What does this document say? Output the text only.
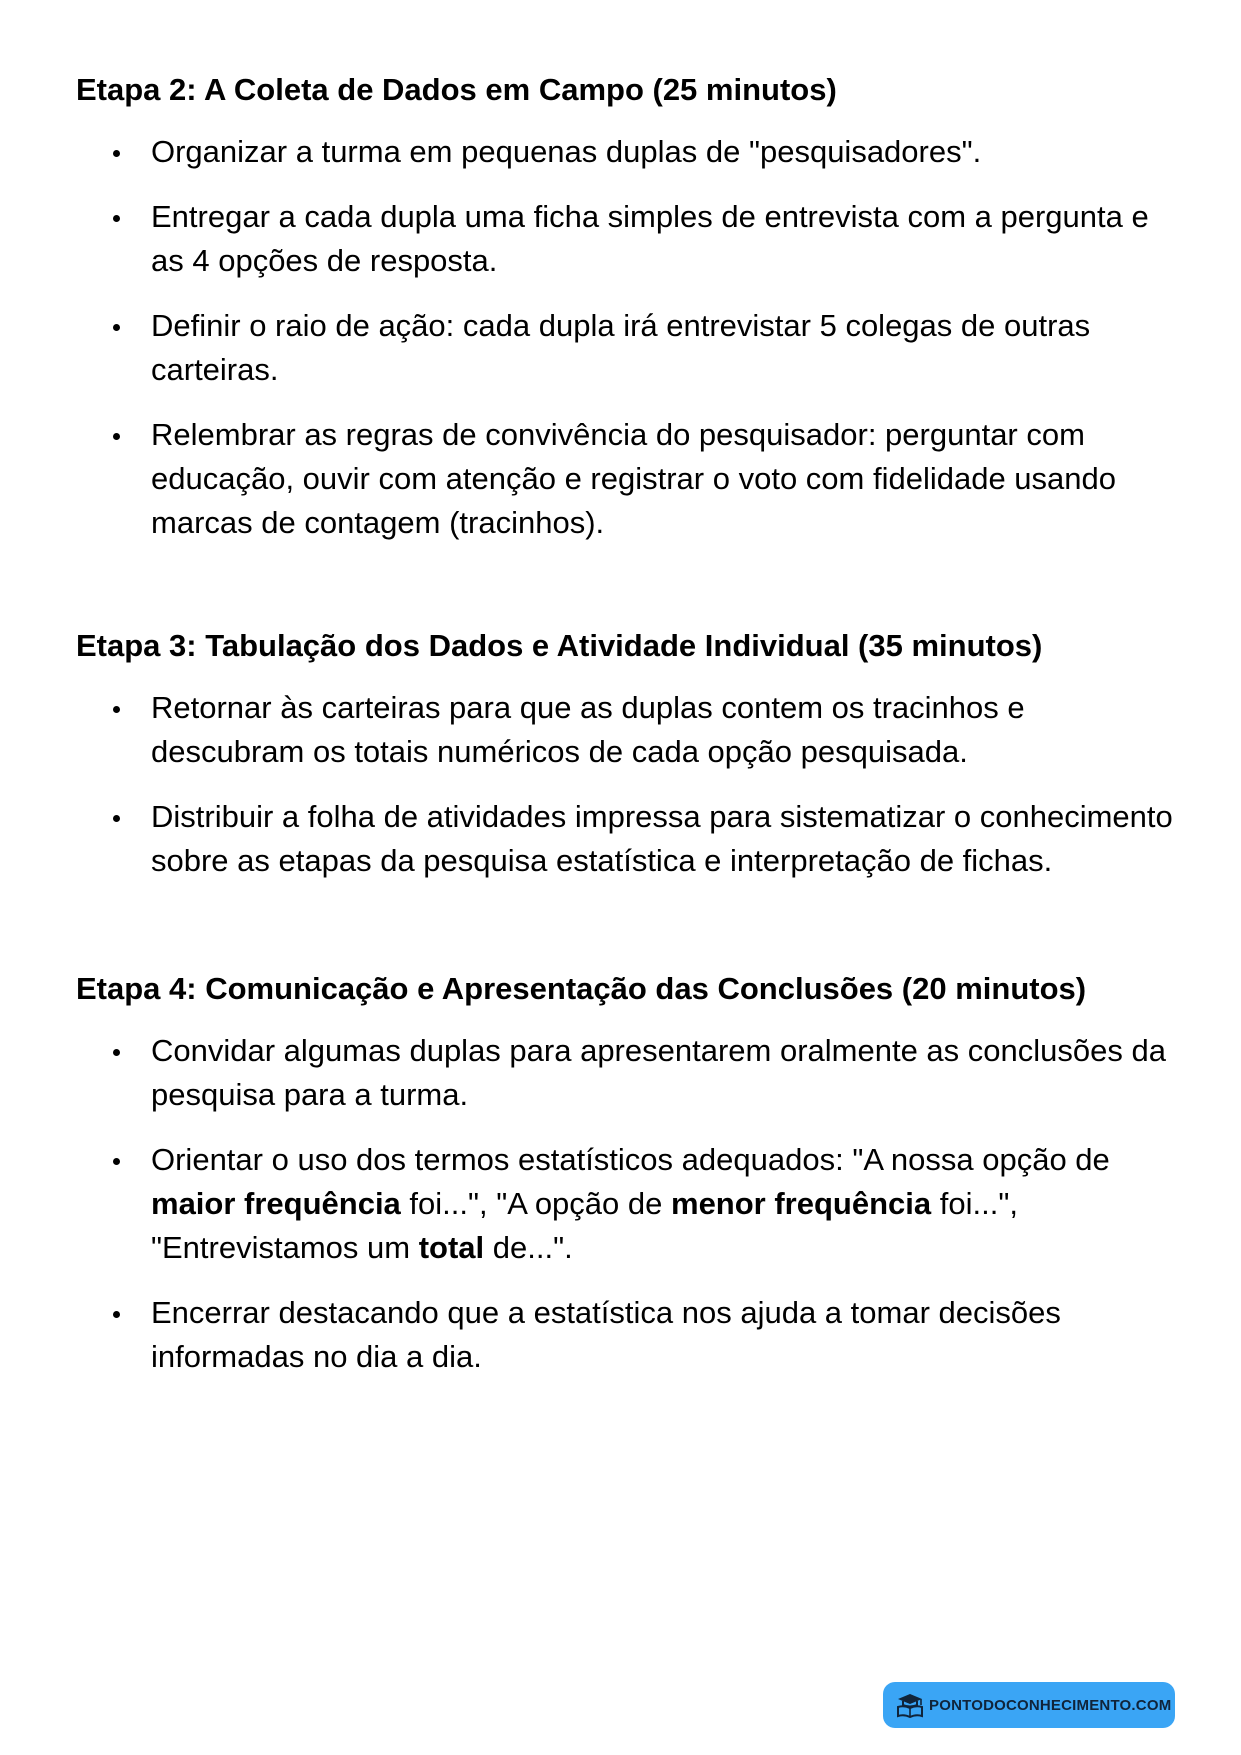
Etapa 2: A Coleta de Dados em Campo (25 minutos)
Organizar a turma em pequenas duplas de "pesquisadores".
Entregar a cada dupla uma ficha simples de entrevista com a pergunta e as 4 opções de resposta.
Definir o raio de ação: cada dupla irá entrevistar 5 colegas de outras carteiras.
Relembrar as regras de convivência do pesquisador: perguntar com educação, ouvir com atenção e registrar o voto com fidelidade usando marcas de contagem (tracinhos).
Etapa 3: Tabulação dos Dados e Atividade Individual (35 minutos)
Retornar às carteiras para que as duplas contem os tracinhos e descubram os totais numéricos de cada opção pesquisada.
Distribuir a folha de atividades impressa para sistematizar o conhecimento sobre as etapas da pesquisa estatística e interpretação de fichas.
Etapa 4: Comunicação e Apresentação das Conclusões (20 minutos)
Convidar algumas duplas para apresentarem oralmente as conclusões da pesquisa para a turma.
Orientar o uso dos termos estatísticos adequados: "A nossa opção de maior frequência foi...", "A opção de menor frequência foi...", "Entrevistamos um total de...".
Encerrar destacando que a estatística nos ajuda a tomar decisões informadas no dia a dia.
PONTODOCONHECIMENTO.COM
